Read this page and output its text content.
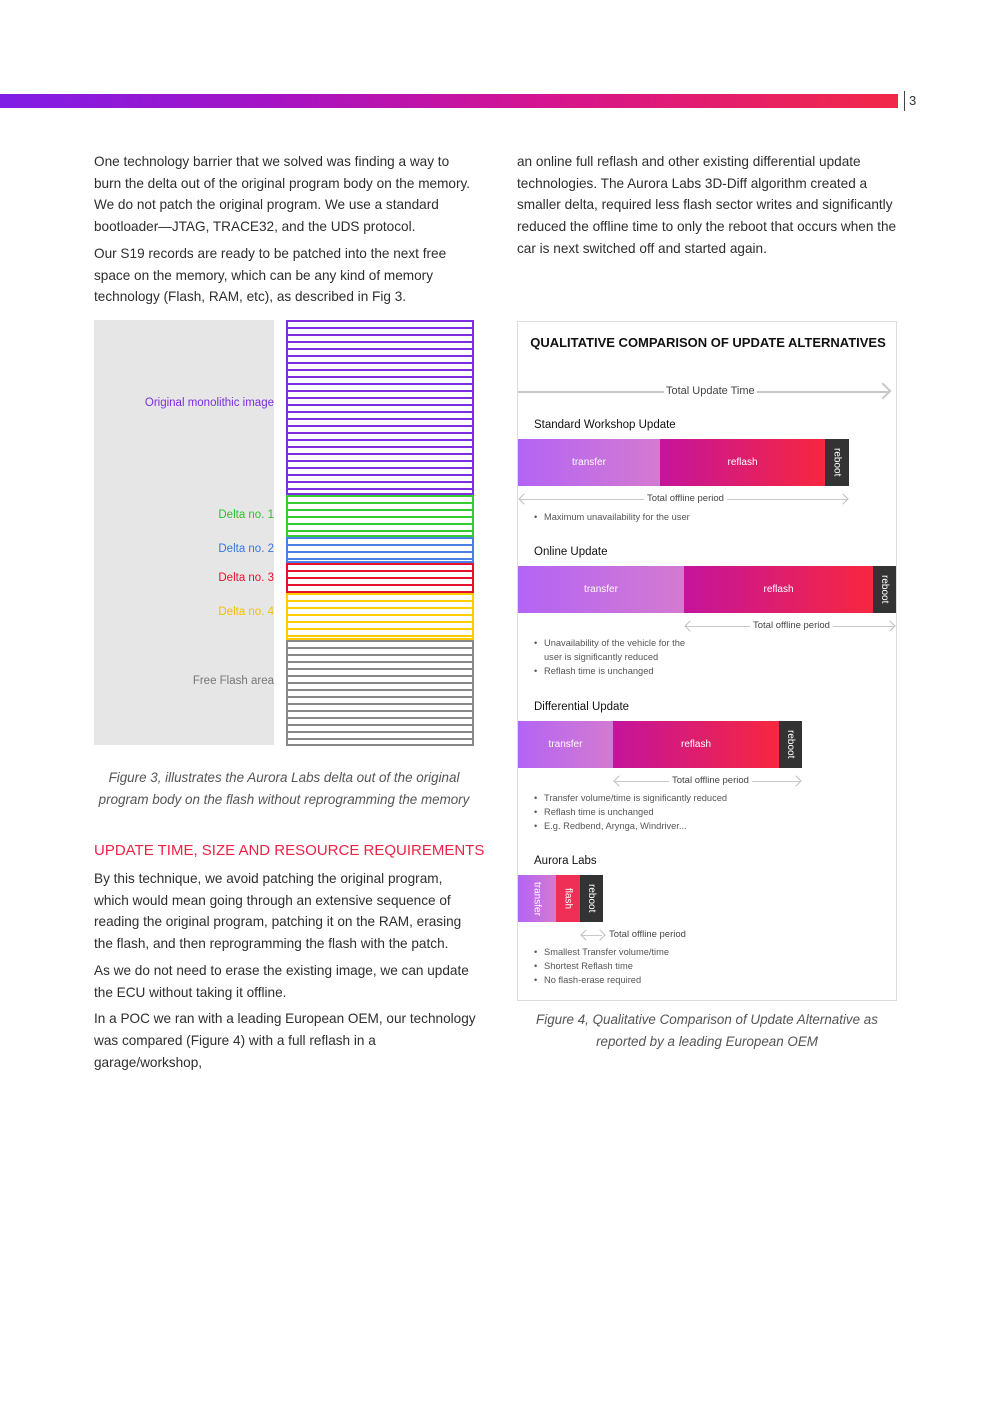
3

One technology barrier that we solved was finding a way to burn the delta out of the original program body on the memory. We do not patch the original program. We use a standard bootloader—JTAG, TRACE32, and the UDS protocol.

Our S19 records are ready to be patched into the next free space on the memory, which can be any kind of memory technology (Flash, RAM, etc), as described in Fig 3.

an online full reflash and other existing differential update technologies. The Aurora Labs 3D-Diff algorithm created a smaller delta, required less flash sector writes and significantly reduced the offline time to only the reboot that occurs when the car is next switched off and started again.

Original monolithic image
Delta no. 1
Delta no. 2
Delta no. 3
Delta no. 4
Free Flash area
Figure 3, illustrates the Aurora Labs delta out of the original program body on the flash without reprogramming the memory
UPDATE TIME, SIZE AND RESOURCE REQUIREMENTS

By this technique, we avoid patching the original program, which would mean going through an extensive sequence of reading the original program, patching it on the RAM, erasing the flash, and then reprogramming the flash with the patch.

As we do not need to erase the existing image, we can update the ECU without taking it offline.

In a POC we ran with a leading European OEM, our technology was compared (Figure 4) with a full reflash in a garage/workshop,

QUALITATIVE COMPARISON OF UPDATE ALTERNATIVES
Total Update Time
Standard Workshop Update
transfer	reflash	reboot
Total offline period
• Maximum unavailability for the user
Online Update
transfer	reflash	reboot
Total offline period
• Unavailability of the vehicle for the user is significantly reduced
• Reflash time is unchanged
Differential Update
transfer	reflash	reboot
Total offline period
• Transfer volume/time is significantly reduced
• Reflash time is unchanged
• E.g. Redbend, Arynga, Windriver...
Aurora Labs
transfer flash reboot
Total offline period
• Smallest Transfer volume/time
• Shortest Reflash time
• No flash-erase required
Figure 4, Qualitative Comparison of Update Alternative as reported by a leading European OEM
